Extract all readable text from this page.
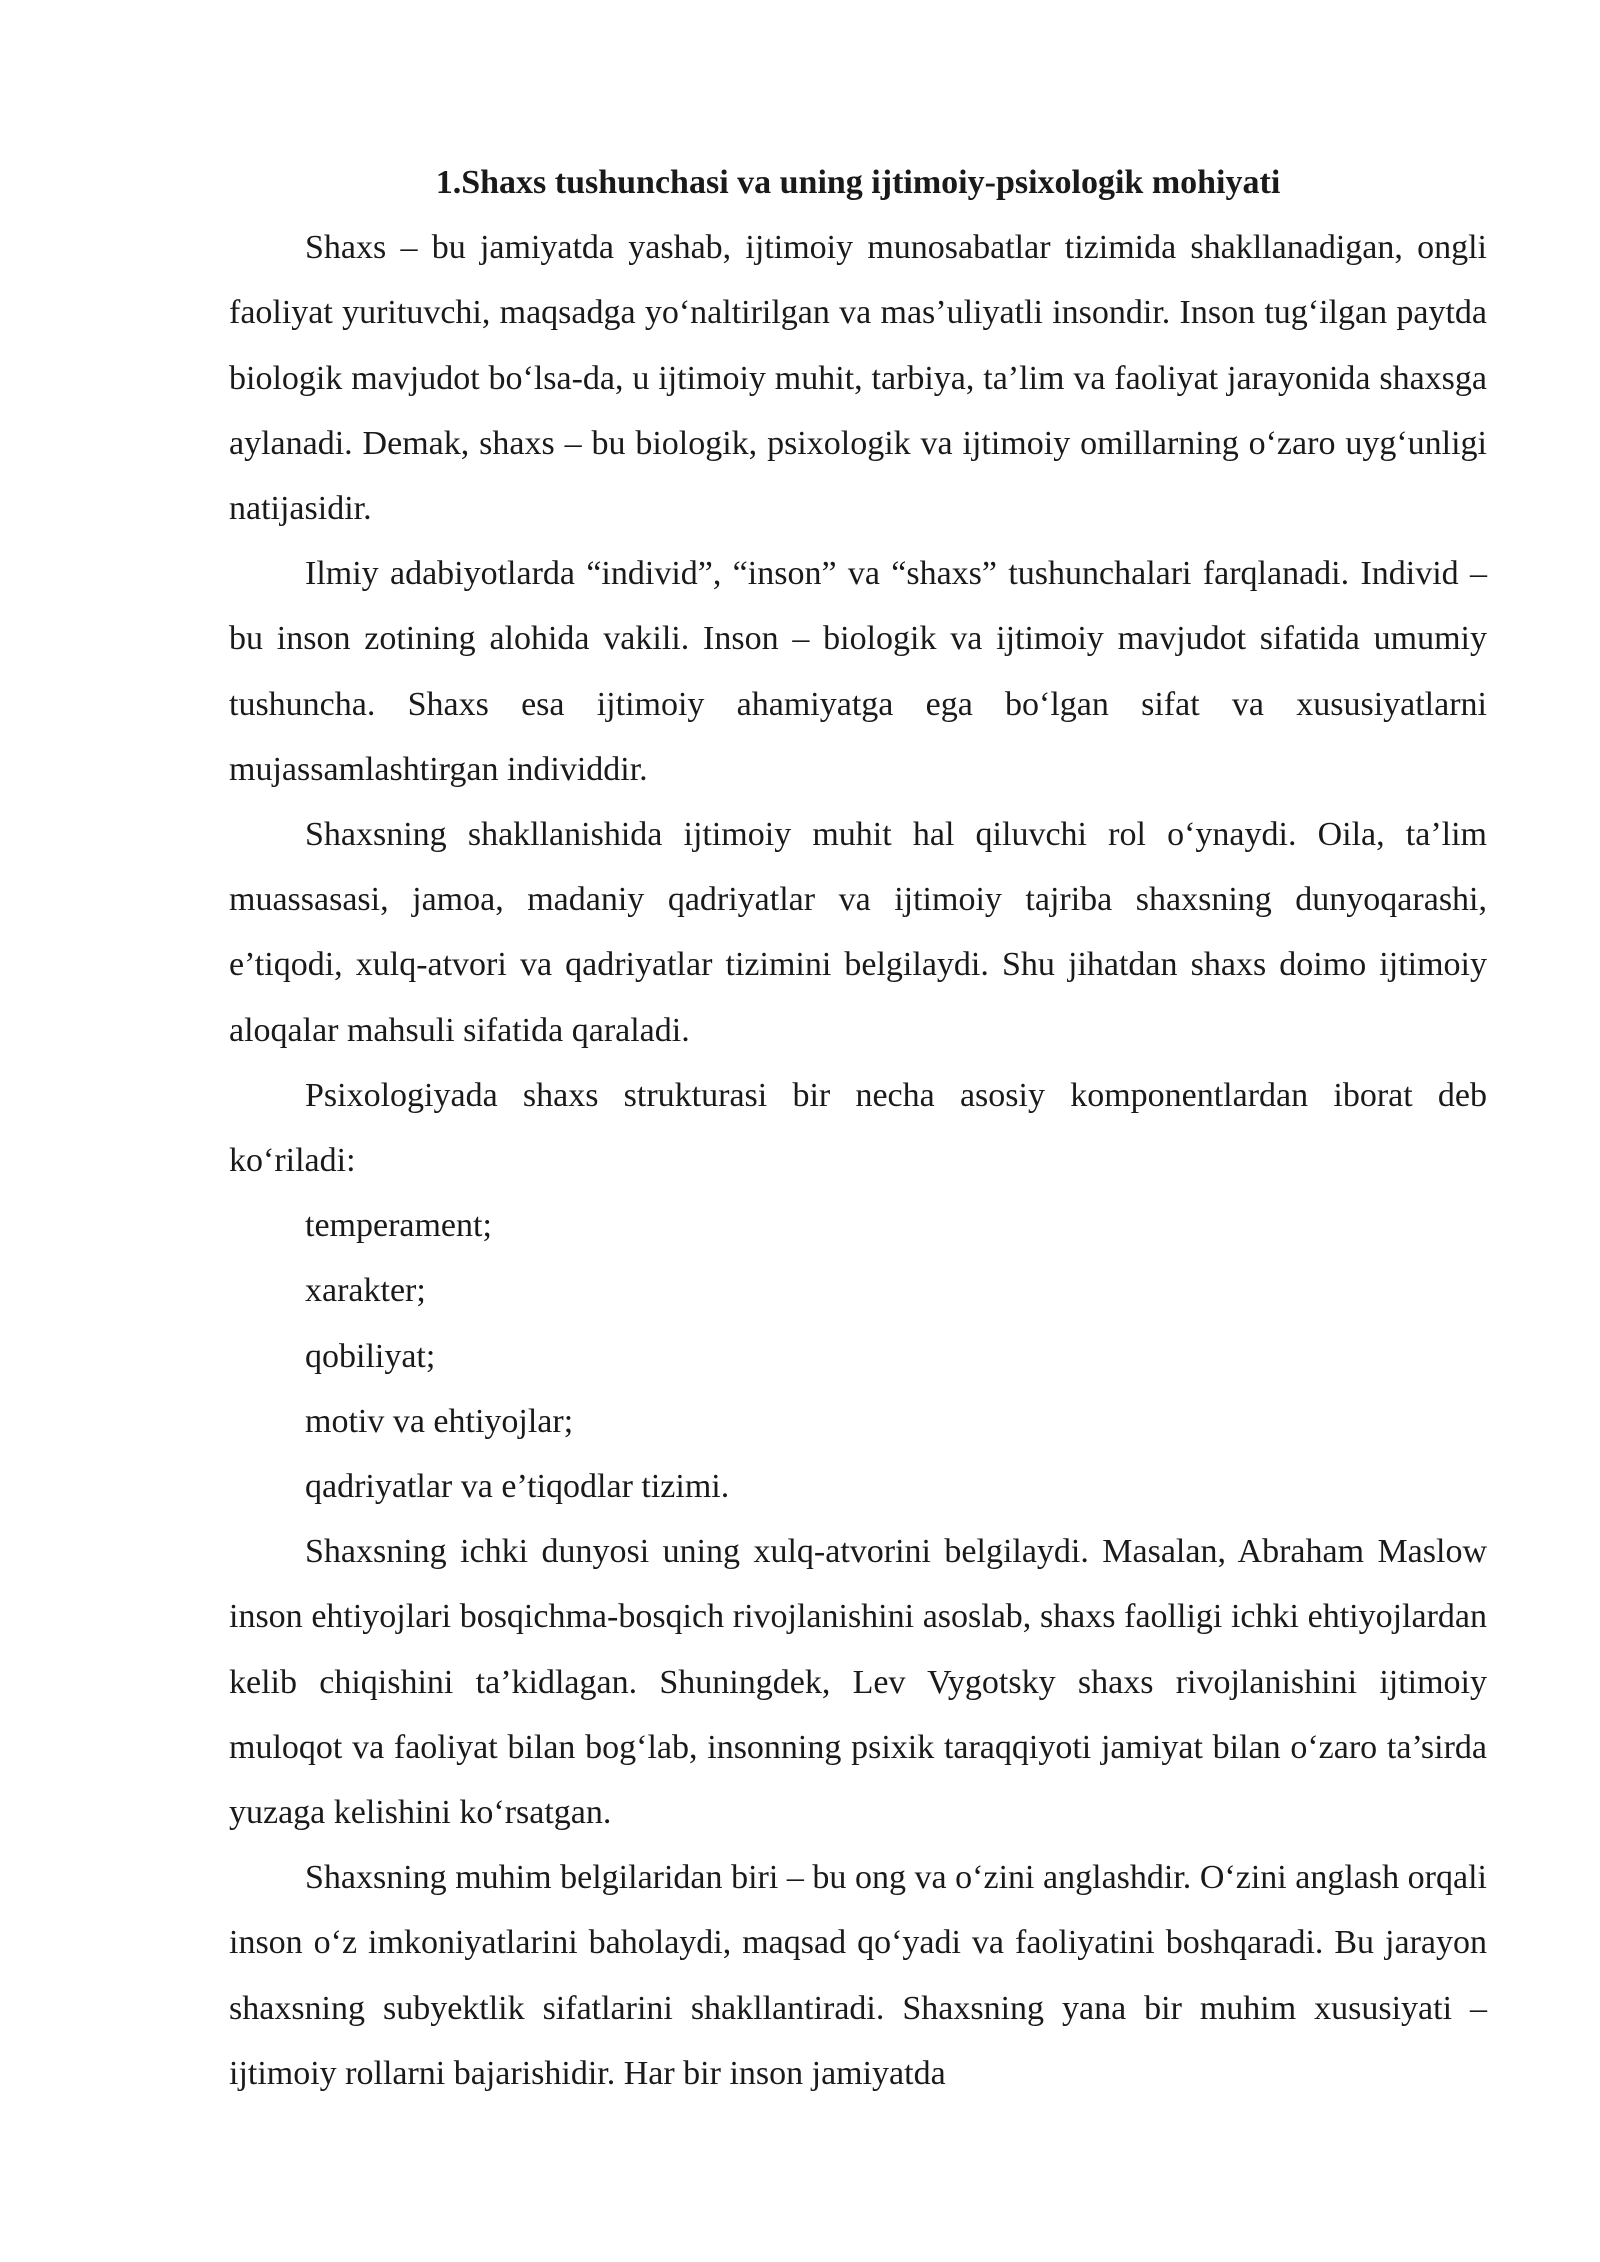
1.Shaxs tushunchasi va uning ijtimoiy-psixologik mohiyati

Shaxs – bu jamiyatda yashab, ijtimoiy munosabatlar tizimida shakllanadigan, ongli faoliyat yurituvchi, maqsadga yo‘naltirilgan va mas’uliyatli insondir. Inson tug‘ilgan paytda biologik mavjudot bo‘lsa-da, u ijtimoiy muhit, tarbiya, ta’lim va faoliyat jarayonida shaxsga aylanadi. Demak, shaxs – bu biologik, psixologik va ijtimoiy omillarning o‘zaro uyg‘unligi natijasidir.

Ilmiy adabiyotlarda “individ”, “inson” va “shaxs” tushunchalari farqlanadi. Individ – bu inson zotining alohida vakili. Inson – biologik va ijtimoiy mavjudot sifatida umumiy tushuncha. Shaxs esa ijtimoiy ahamiyatga ega bo‘lgan sifat va xususiyatlarni mujassamlashtirgan individdir.

Shaxsning shakllanishida ijtimoiy muhit hal qiluvchi rol o‘ynaydi. Oila, ta’lim muassasasi, jamoa, madaniy qadriyatlar va ijtimoiy tajriba shaxsning dunyoqarashi, e’tiqodi, xulq-atvori va qadriyatlar tizimini belgilaydi. Shu jihatdan shaxs doimo ijtimoiy aloqalar mahsuli sifatida qaraladi.

Psixologiyada shaxs strukturasi bir necha asosiy komponentlardan iborat deb ko‘riladi:

temperament;
xarakter;
qobiliyat;
motiv va ehtiyojlar;
qadriyatlar va e’tiqodlar tizimi.

Shaxsning ichki dunyosi uning xulq-atvorini belgilaydi. Masalan, Abraham Maslow inson ehtiyojlari bosqichma-bosqich rivojlanishini asoslab, shaxs faolligi ichki ehtiyojlardan kelib chiqishini ta’kidlagan. Shuningdek, Lev Vygotsky shaxs rivojlanishini ijtimoiy muloqot va faoliyat bilan bog‘lab, insonning psixik taraqqiyoti jamiyat bilan o‘zaro ta’sirda yuzaga kelishini ko‘rsatgan.

Shaxsning muhim belgilaridan biri – bu ong va o‘zini anglashdir. O‘zini anglash orqali inson o‘z imkoniyatlarini baholaydi, maqsad qo‘yadi va faoliyatini boshqaradi. Bu jarayon shaxsning subyektlik sifatlarini shakllantiradi. Shaxsning yana bir muhim xususiyati – ijtimoiy rollarni bajarishidir. Har bir inson jamiyatda
